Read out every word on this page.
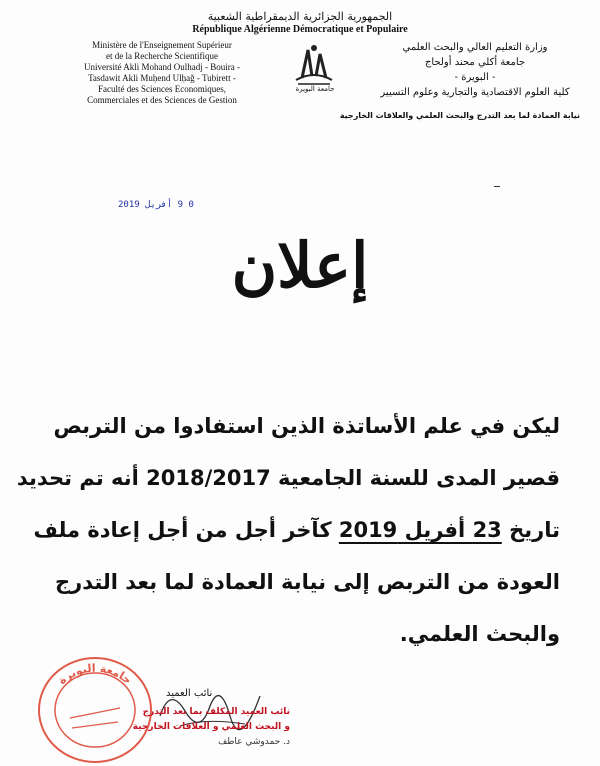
الجمهورية الجزائرية الديمقراطية الشعبية
République Algérienne Démocratique et Populaire
Ministère de l'Enseignement Supérieur
et de la Recherche Scientifique
Université Akli Mohand Oulhadj - Bouira -
Tasdawit Akli Muḥend Ulḥağ - Tubirett -
Faculté des Sciences Economiques,
Commerciales et des Sciences de Gestion
جامعة البويرة
وزارة التعليم العالي والبحث العلمي
جامعة أكلي محند أولحاج
- البويرة -
كلية العلوم الاقتصادية والتجارية وعلوم التسيير
نيابة العمادة لما بعد التدرج والبحث العلمي والعلاقات الخارجية
0 9 أفريل 2019
إعلان
ليكن في علم الأساتذة الذين استفادوا من التربص
قصير المدى للسنة الجامعية 2018/2017 أنه تم تحديد
تاريخ 23 أفريل 2019 كآخر أجل من أجل إعادة ملف
العودة من التربص إلى نيابة العمادة لما بعد التدرج
والبحث العلمي.
جامعة البويرة
نائب العميد
نائب العميد المكلف بما بعد التدرج
و البحث العلمي و العلاقات الخارجية
د. حمدوشي عاطف
